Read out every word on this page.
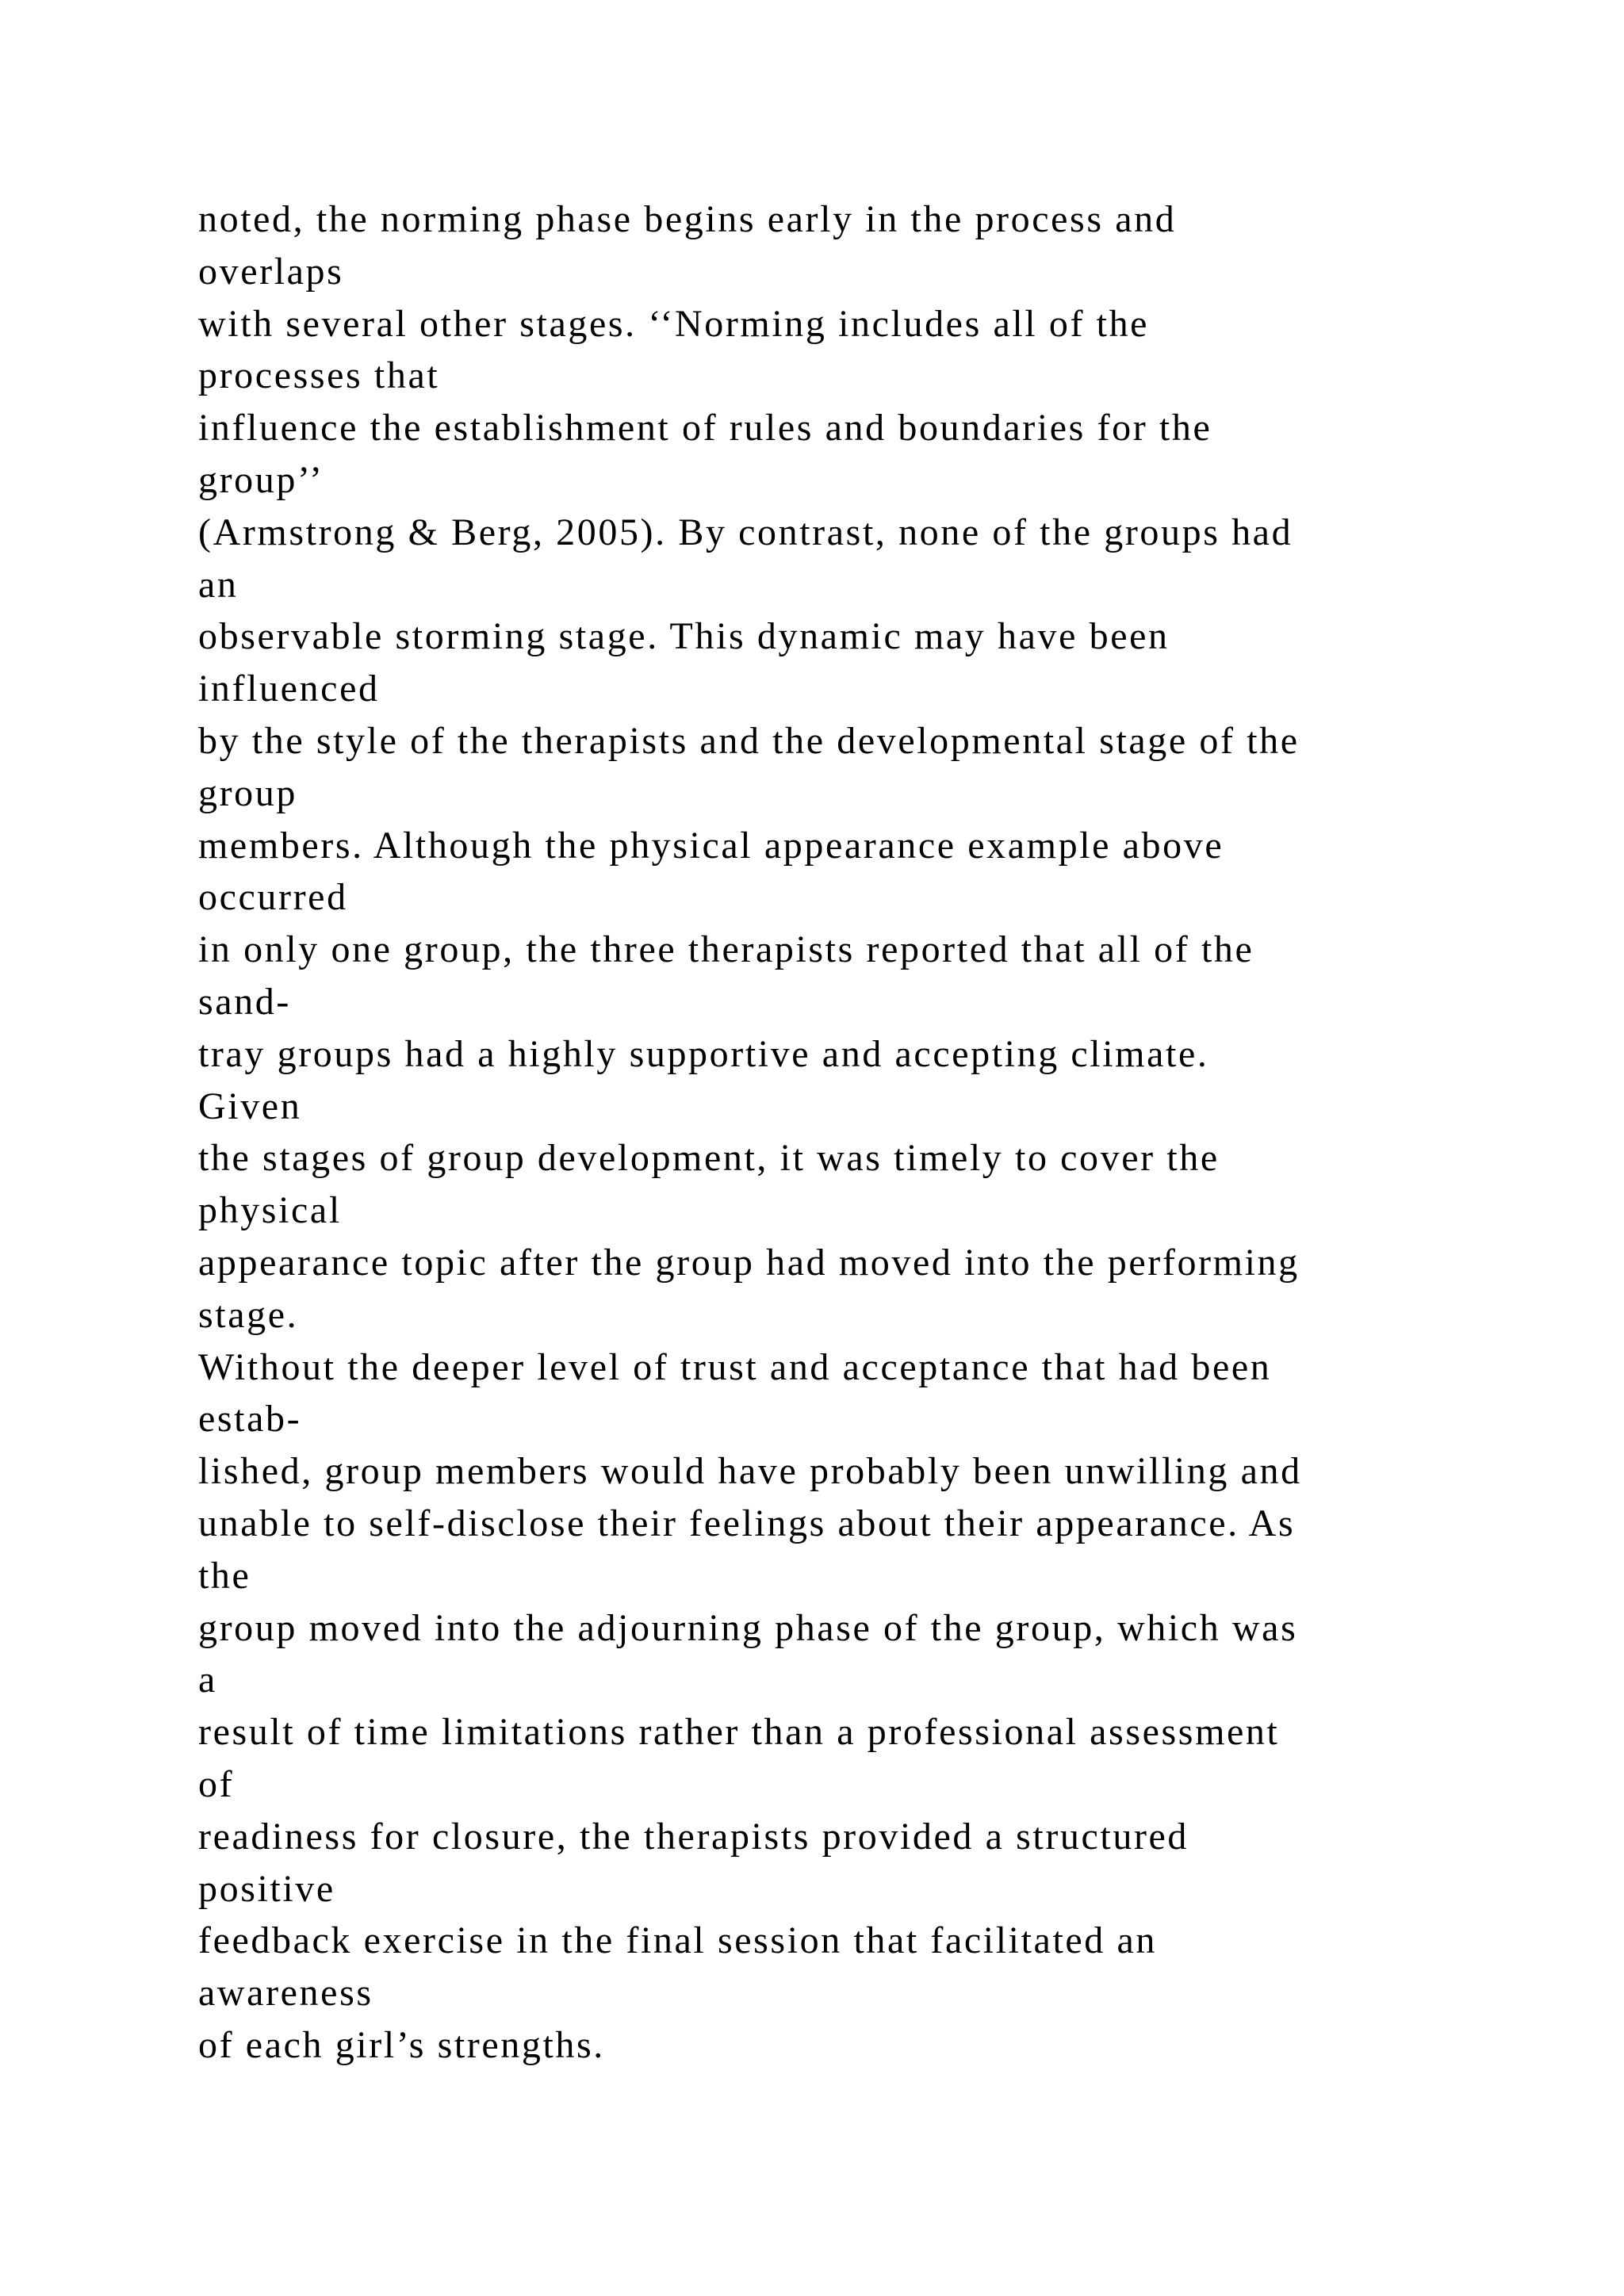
noted, the norming phase begins early in the process and
overlaps
with several other stages. ‘‘Norming includes all of the
processes that
influence the establishment of rules and boundaries for the
group’’
(Armstrong & Berg, 2005). By contrast, none of the groups had
an
observable storming stage. This dynamic may have been
influenced
by the style of the therapists and the developmental stage of the
group
members. Although the physical appearance example above
occurred
in only one group, the three therapists reported that all of the
sand-
tray groups had a highly supportive and accepting climate.
Given
the stages of group development, it was timely to cover the
physical
appearance topic after the group had moved into the performing
stage.
Without the deeper level of trust and acceptance that had been
estab-
lished, group members would have probably been unwilling and
unable to self-disclose their feelings about their appearance. As
the
group moved into the adjourning phase of the group, which was
a
result of time limitations rather than a professional assessment
of
readiness for closure, the therapists provided a structured
positive
feedback exercise in the final session that facilitated an
awareness
of each girl’s strengths.
